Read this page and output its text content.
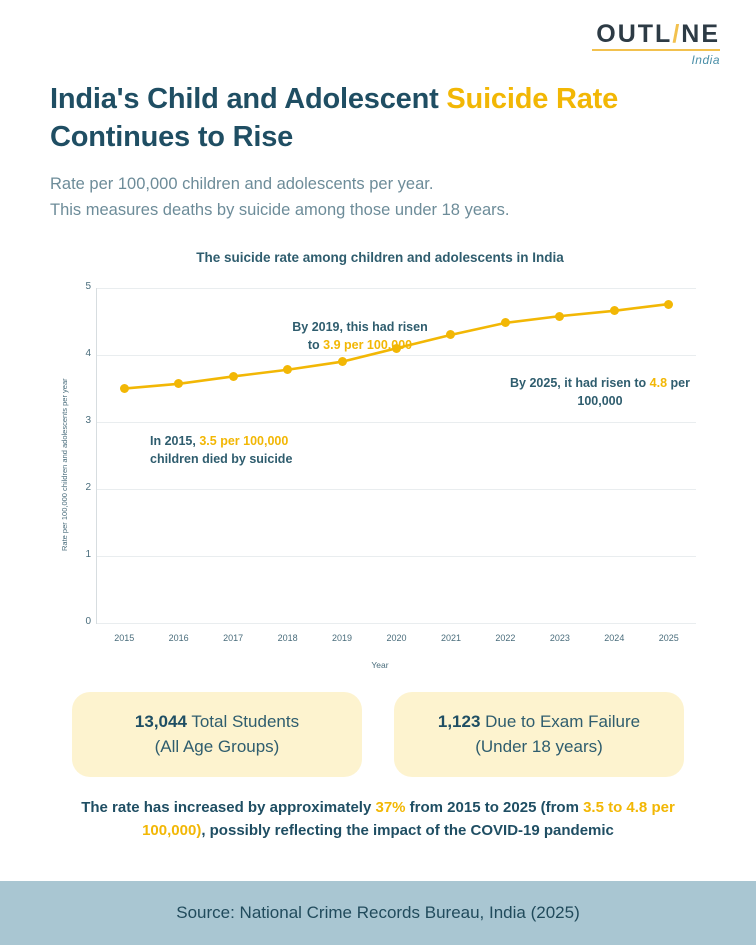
OUTL/NE
India
India's Child and Adolescent Suicide Rate
Continues to Rise
Rate per 100,000 children and adolescents per year.
This measures deaths by suicide among those under 18 years.
The suicide rate among children and adolescents in India
Rate per 100,000 children and adolescents per year
0
1
2
3
4
5
2015	2016	2017	2018	2019	2020	2021	2022	2023	2024	2025
Year
In 2015, 3.5 per 100,000 children died by suicide
By 2019, this had risen to 3.9 per 100,000
By 2025, it had risen to 4.8 per 100,000
13,044 Total Students
(All Age Groups)
1,123 Due to Exam Failure
(Under 18 years)
The rate has increased by approximately 37% from 2015 to 2025 (from 3.5 to 4.8 per 100,000), possibly reflecting the impact of the COVID-19 pandemic
Source: National Crime Records Bureau, India (2025)
